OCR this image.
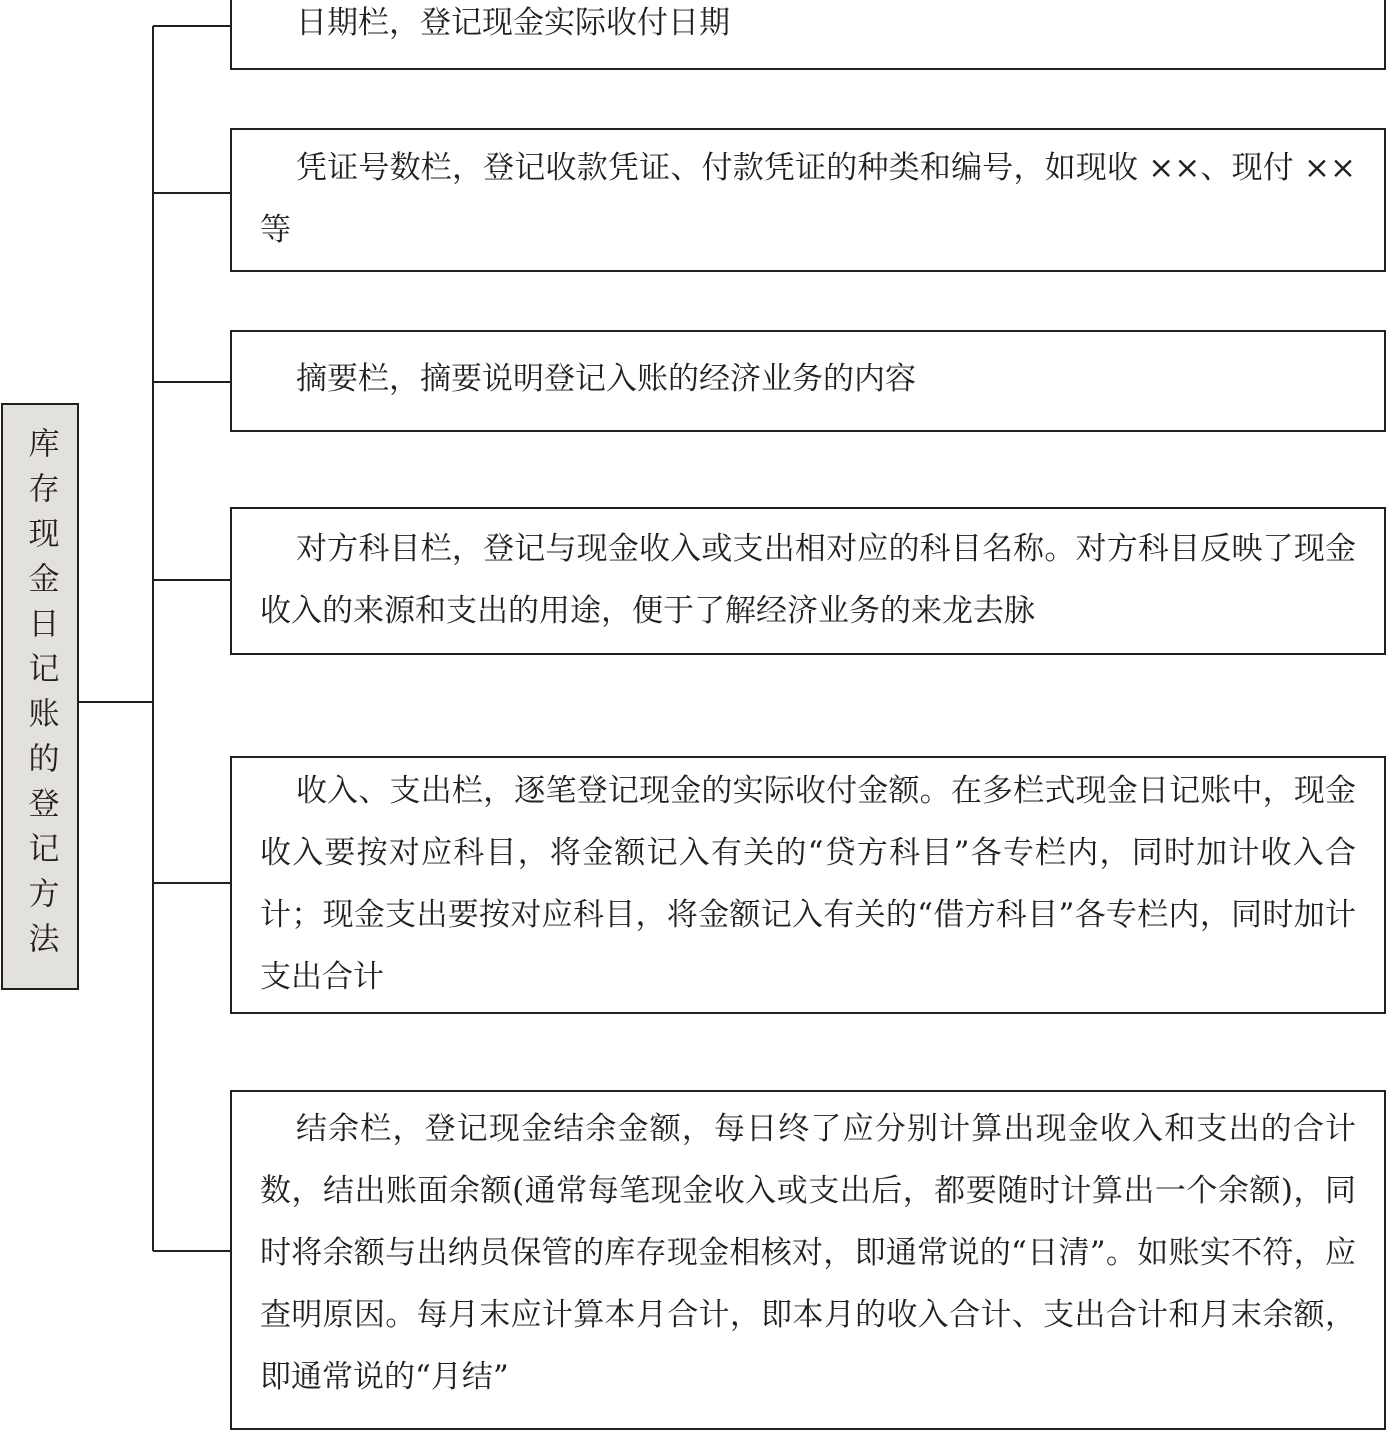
库存现金日记账的登记方法
日期栏，登记现金实际收付日期
凭证号数栏，登记收款凭证、付款凭证的种类和编号，如现收 ××、现付 ×× 等
摘要栏，摘要说明登记入账的经济业务的内容
对方科目栏，登记与现金收入或支出相对应的科目名称。对方科目反映了现金收入的来源和支出的用途，便于了解经济业务的来龙去脉
收入、支出栏，逐笔登记现金的实际收付金额。在多栏式现金日记账中，现金收入要按对应科目，将金额记入有关的“贷方科目”各专栏内，同时加计收入合计；现金支出要按对应科目，将金额记入有关的“借方科目”各专栏内，同时加计支出合计
结余栏，登记现金结余金额，每日终了应分别计算出现金收入和支出的合计数，结出账面余额(通常每笔现金收入或支出后，都要随时计算出一个余额)，同时将余额与出纳员保管的库存现金相核对，即通常说的“日清”。如账实不符，应查明原因。每月末应计算本月合计，即本月的收入合计、支出合计和月末余额，即通常说的“月结”
